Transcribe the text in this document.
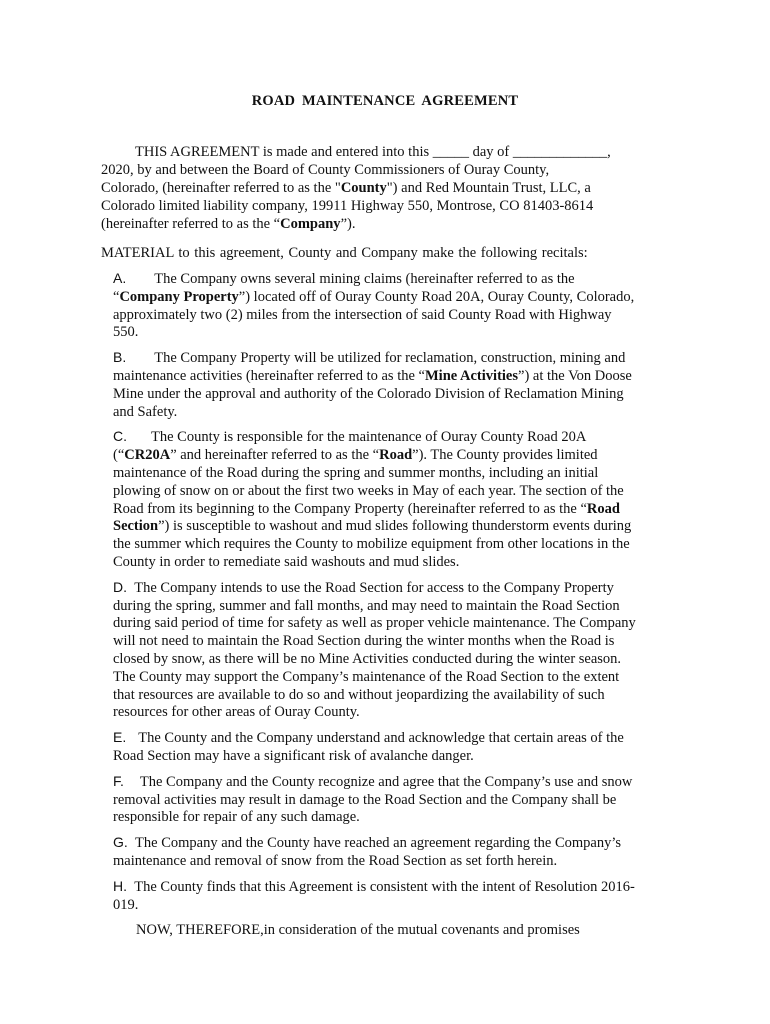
ROAD MAINTENANCE AGREEMENT
THIS AGREEMENT is made and entered into this _____ day of _____________,
2020, by and between the Board of County Commissioners of Ouray County,
Colorado, (hereinafter referred to as the "County") and Red Mountain Trust, LLC, a
Colorado limited liability company, 19911 Highway 550, Montrose, CO 81403-8614
(hereinafter referred to as the “Company”).
MATERIAL to this agreement, County and Company make the following recitals:
A. The Company owns several mining claims (hereinafter referred to as the
“Company Property”) located off of Ouray County Road 20A, Ouray County, Colorado,
approximately two (2) miles from the intersection of said County Road with Highway
550.
B. The Company Property will be utilized for reclamation, construction, mining and
maintenance activities (hereinafter referred to as the “Mine Activities”) at the Von Doose
Mine under the approval and authority of the Colorado Division of Reclamation Mining
and Safety.
C. The County is responsible for the maintenance of Ouray County Road 20A
(“CR20A” and hereinafter referred to as the “Road”). The County provides limited
maintenance of the Road during the spring and summer months, including an initial
plowing of snow on or about the first two weeks in May of each year. The section of the
Road from its beginning to the Company Property (hereinafter referred to as the “Road
Section”) is susceptible to washout and mud slides following thunderstorm events during
the summer which requires the County to mobilize equipment from other locations in the
County in order to remediate said washouts and mud slides.
D. The Company intends to use the Road Section for access to the Company Property
during the spring, summer and fall months, and may need to maintain the Road Section
during said period of time for safety as well as proper vehicle maintenance. The Company
will not need to maintain the Road Section during the winter months when the Road is
closed by snow, as there will be no Mine Activities conducted during the winter season.
The County may support the Company’s maintenance of the Road Section to the extent
that resources are available to do so and without jeopardizing the availability of such
resources for other areas of Ouray County.
E. The County and the Company understand and acknowledge that certain areas of the
Road Section may have a significant risk of avalanche danger.
F. The Company and the County recognize and agree that the Company’s use and snow
removal activities may result in damage to the Road Section and the Company shall be
responsible for repair of any such damage.
G. The Company and the County have reached an agreement regarding the Company’s
maintenance and removal of snow from the Road Section as set forth herein.
H. The County finds that this Agreement is consistent with the intent of Resolution 2016-
019.
NOW, THEREFORE,in consideration of the mutual covenants and promises
